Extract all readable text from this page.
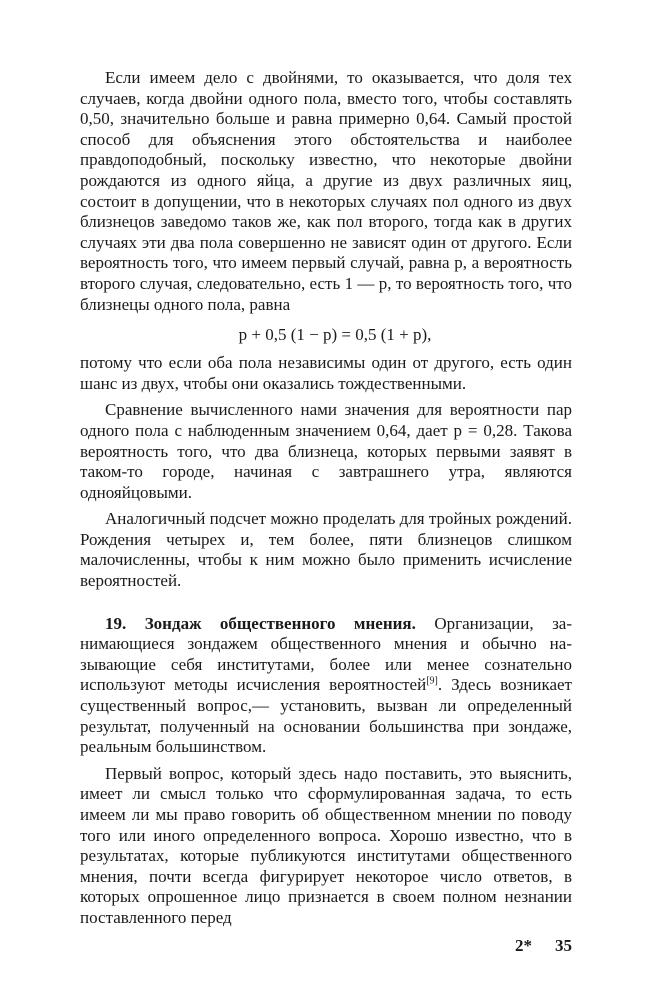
Если имеем дело с двойнями, то оказывается, что доля тех случаев, когда двойни одного пола, вместо того, чтобы составлять 0,50, значительно больше и равна примерно 0,64. Самый простой способ для объяснения этого обстоятельства и наиболее правдоподобный, поскольку известно, что некоторые двойни рождаются из одного яйца, а другие из двух различных яиц, состоит в допущении, что в некоторых случаях пол одного из двух близнецов заведомо таков же, как пол второго, тогда как в других случаях эти два пола совершенно не зависят один от другого. Если вероятность того, что имеем первый случай, равна p, а вероятность второго случая, следовательно, есть 1 — p, то вероятность того, что близнецы одного пола, равна

p + 0,5 (1 − p) = 0,5 (1 + p),

потому что если оба пола независимы один от другого, есть один шанс из двух, чтобы они оказались тождественными.

Сравнение вычисленного нами значения для вероятности пар одного пола с наблюденным значением 0,64, дает p = 0,28. Такова вероятность того, что два близнеца, которых первыми заявят в таком-то городе, начиная с завтрашнего утра, являются однояйцовыми.

Аналогичный подсчет можно проделать для тройных рождений. Рождения четырех и, тем более, пяти близнецов слишком малочисленны, чтобы к ним можно было применить исчисление вероятностей.

19. Зондаж общественного мнения. Организации, занимающиеся зондажем общественного мнения и обычно называющие себя институтами, более или менее сознательно используют методы исчисления вероятностей[9]. Здесь возникает существенный вопрос,— установить, вызван ли определенный результат, полученный на основании большинства при зондаже, реальным большинством.

Первый вопрос, который здесь надо поставить, это выяснить, имеет ли смысл только что сформулированная задача, то есть имеем ли мы право говорить об общественном мнении по поводу того или иного определенного вопроса. Хорошо известно, что в результатах, которые публикуются институтами общественного мнения, почти всегда фигурирует некоторое число ответов, в которых опрошенное лицо признается в своем полном незнании поставленного перед

2* 35
